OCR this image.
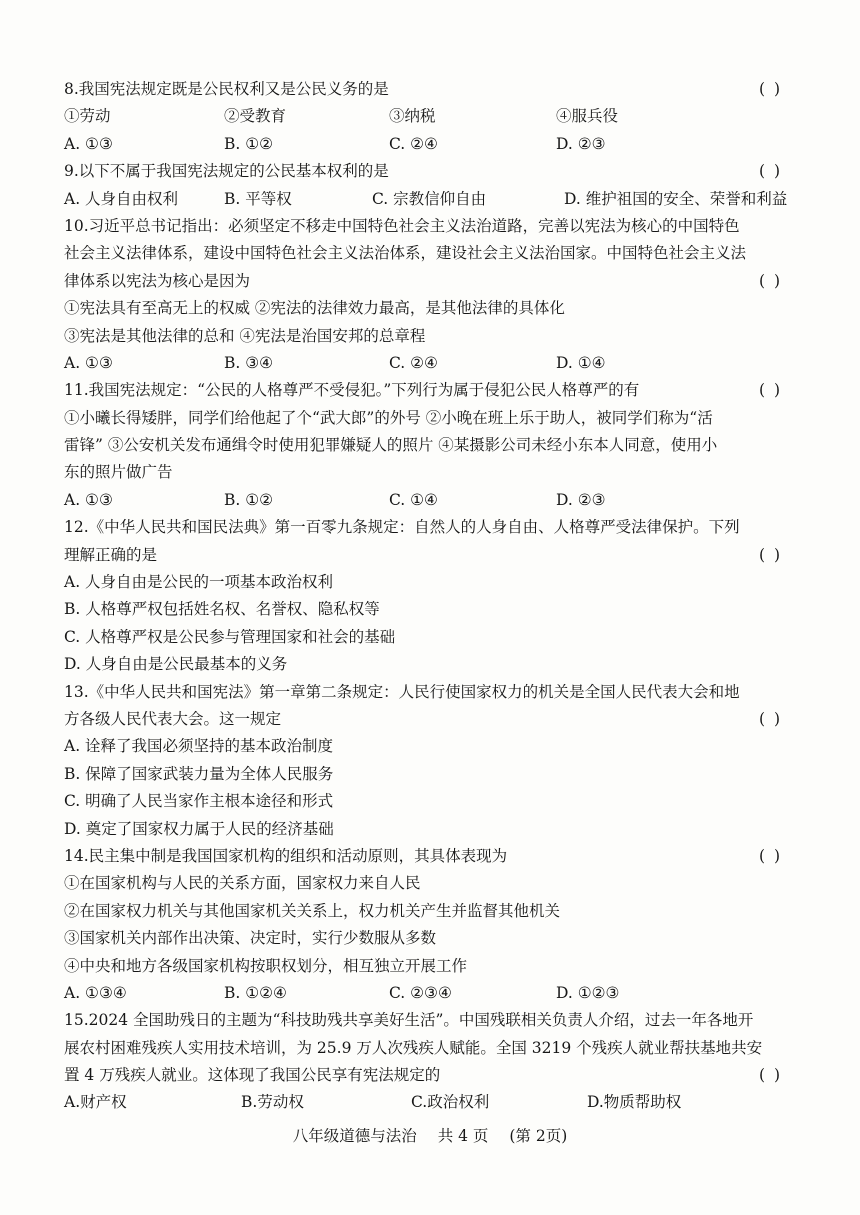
8.我国宪法规定既是公民权利又是公民义务的是	( )
①劳动	②受教育	③纳税	④服兵役
A. ①③	B. ①②	C. ②④	D. ②③
9.以下不属于我国宪法规定的公民基本权利的是	( )
A. 人身自由权利	B. 平等权	C. 宗教信仰自由	D. 维护祖国的安全、荣誉和利益
10.习近平总书记指出：必须坚定不移走中国特色社会主义法治道路，完善以宪法为核心的中国特色
社会主义法律体系，建设中国特色社会主义法治体系，建设社会主义法治国家。中国特色社会主义法
律体系以宪法为核心是因为	( )
①宪法具有至高无上的权威 ②宪法的法律效力最高，是其他法律的具体化
③宪法是其他法律的总和 ④宪法是治国安邦的总章程
A. ①③	B. ③④	C. ②④	D. ①④
11.我国宪法规定：“公民的人格尊严不受侵犯。”下列行为属于侵犯公民人格尊严的有	( )
①小曦长得矮胖，同学们给他起了个“武大郎”的外号 ②小晚在班上乐于助人，被同学们称为“活
雷锋” ③公安机关发布通缉令时使用犯罪嫌疑人的照片 ④某摄影公司未经小东本人同意，使用小
东的照片做广告
A. ①③	B. ①②	C. ①④	D. ②③
12.《中华人民共和国民法典》第一百零九条规定：自然人的人身自由、人格尊严受法律保护。下列
理解正确的是	( )
A. 人身自由是公民的一项基本政治权利
B. 人格尊严权包括姓名权、名誉权、隐私权等
C. 人格尊严权是公民参与管理国家和社会的基础
D. 人身自由是公民最基本的义务
13.《中华人民共和国宪法》第一章第二条规定：人民行使国家权力的机关是全国人民代表大会和地
方各级人民代表大会。这一规定	( )
A. 诠释了我国必须坚持的基本政治制度
B. 保障了国家武装力量为全体人民服务
C. 明确了人民当家作主根本途径和形式
D. 奠定了国家权力属于人民的经济基础
14.民主集中制是我国国家机构的组织和活动原则，其具体表现为	( )
①在国家机构与人民的关系方面，国家权力来自人民
②在国家权力机关与其他国家机关关系上，权力机关产生并监督其他机关
③国家机关内部作出决策、决定时，实行少数服从多数
④中央和地方各级国家机构按职权划分，相互独立开展工作
A. ①③④	B. ①②④	C. ②③④	D. ①②③
15.2024 全国助残日的主题为“科技助残共享美好生活”。中国残联相关负责人介绍，过去一年各地开
展农村困难残疾人实用技术培训，为 25.9 万人次残疾人赋能。全国 3219 个残疾人就业帮扶基地共安
置 4 万残疾人就业。这体现了我国公民享有宪法规定的	( )
A.财产权	B.劳动权	C.政治权利	D.物质帮助权
八年级道德与法治 共 4 页 (第 2页)
